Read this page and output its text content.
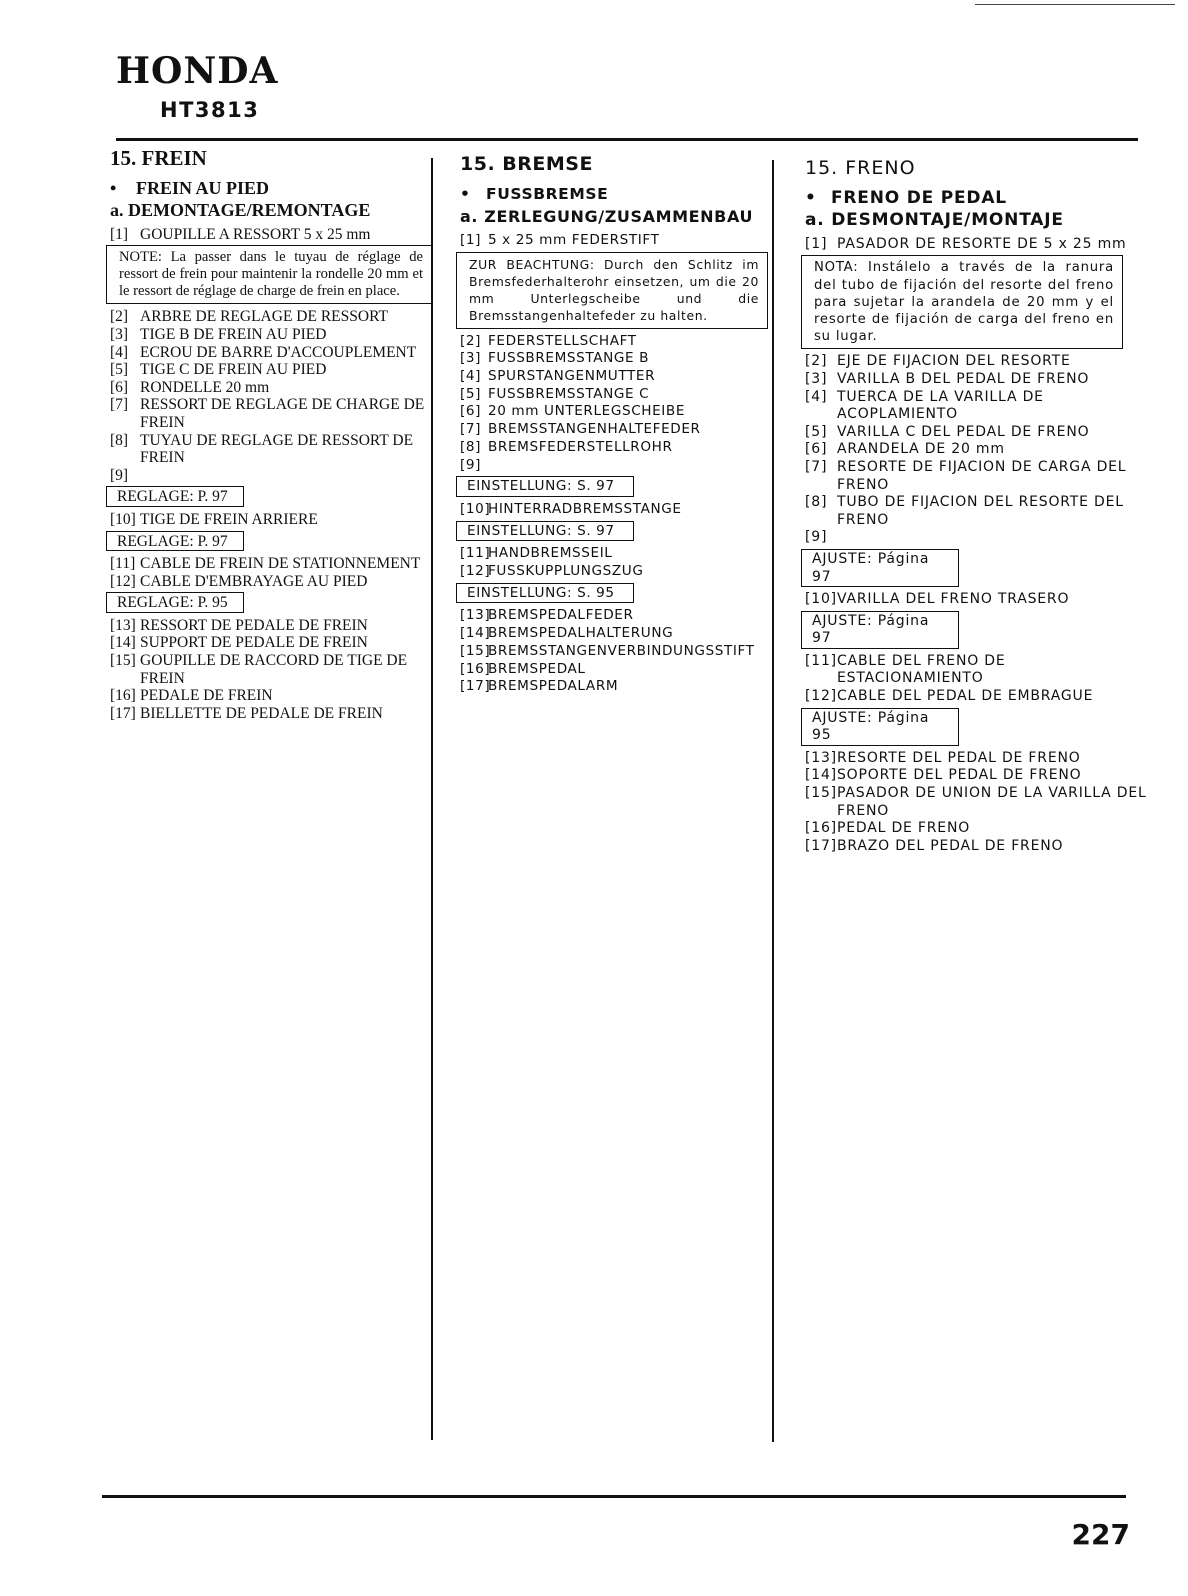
HONDA
HT3813
15. FREIN
• FREIN AU PIED
a. DEMONTAGE/REMONTAGE
[1] GOUPILLE A RESSORT 5 x 25 mm
NOTE: La passer dans le tuyau de réglage de ressort de frein pour maintenir la rondelle 20 mm et le ressort de réglage de charge de frein en place.
[2] ARBRE DE REGLAGE DE RESSORT
[3] TIGE B DE FREIN AU PIED
[4] ECROU DE BARRE D'ACCOUPLEMENT
[5] TIGE C DE FREIN AU PIED
[6] RONDELLE 20 mm
[7] RESSORT DE REGLAGE DE CHARGE DE FREIN
[8] TUYAU DE REGLAGE DE RESSORT DE FREIN
[9]
REGLAGE: P. 97
[10] TIGE DE FREIN ARRIERE
REGLAGE: P. 97
[11] CABLE DE FREIN DE STATIONNEMENT
[12] CABLE D'EMBRAYAGE AU PIED
REGLAGE: P. 95
[13] RESSORT DE PEDALE DE FREIN
[14] SUPPORT DE PEDALE DE FREIN
[15] GOUPILLE DE RACCORD DE TIGE DE FREIN
[16] PEDALE DE FREIN
[17] BIELLETTE DE PEDALE DE FREIN
15. BREMSE
• FUSSBREMSE
a. ZERLEGUNG/ZUSAMMENBAU
[1] 5 x 25 mm FEDERSTIFT
ZUR BEACHTUNG: Durch den Schlitz im Bremsfederhalterohr einsetzen, um die 20 mm Unterlegscheibe und die Bremsstangenhaltefeder zu halten.
[2] FEDERSTELLSCHAFT
[3] FUSSBREMSSTANGE B
[4] SPURSTANGENMUTTER
[5] FUSSBREMSSTANGE C
[6] 20 mm UNTERLEGSCHEIBE
[7] BREMSSTANGENHALTEFEDER
[8] BREMSFEDERSTELLROHR
[9]
EINSTELLUNG: S. 97
[10]
HINTERRADBREMSSTANGE
EINSTELLUNG: S. 97
[11]
HANDBREMSSEIL
[12]
FUSSKUPPLUNGSZUG
EINSTELLUNG: S. 95
[13]
BREMSPEDALFEDER
[14]
BREMSPEDALHALTERUNG
[15]
BREMSSTANGENVERBINDUNGSSTIFT
[16]
BREMSPEDAL
[17]
BREMSPEDALARM
15. FRENO
• FRENO DE PEDAL
a. DESMONTAJE/MONTAJE
[1] PASADOR DE RESORTE DE 5 x 25 mm
NOTA: Instálelo a través de la ranura del tubo de fijación del resorte del freno para sujetar la arandela de 20 mm y el resorte de fijación de carga del freno en su lugar.
[2] EJE DE FIJACION DEL RESORTE
[3] VARILLA B DEL PEDAL DE FRENO
[4] TUERCA DE LA VARILLA DE ACOPLAMIENTO
[5] VARILLA C DEL PEDAL DE FRENO
[6] ARANDELA DE 20 mm
[7] RESORTE DE FIJACION DE CARGA DEL FRENO
[8] TUBO DE FIJACION DEL RESORTE DEL FRENO
[9]
AJUSTE: Página 97
[10] VARILLA DEL FRENO TRASERO
AJUSTE: Página 97
[11] CABLE DEL FRENO DE ESTACIONAMIENTO
[12] CABLE DEL PEDAL DE EMBRAGUE
AJUSTE: Página 95
[13] RESORTE DEL PEDAL DE FRENO
[14] SOPORTE DEL PEDAL DE FRENO
[15] PASADOR DE UNION DE LA VARILLA DEL FRENO
[16] PEDAL DE FRENO
[17] BRAZO DEL PEDAL DE FRENO
227
